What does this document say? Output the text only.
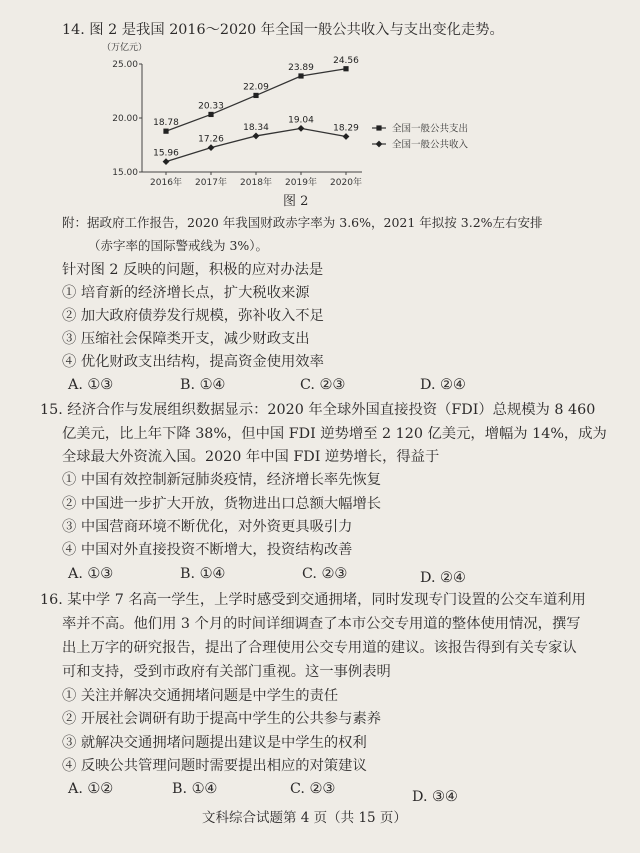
14. 图 2 是我国 2016～2020 年全国一般公共收入与支出变化走势。
（万亿元）
25.00
20.00
15.00
2016年 2017年 2018年 2019年 2020年
18.78
20.33
22.09
23.89
24.56
15.96
17.26
18.34
19.04
18.29	全国一般公共支出
全国一般公共收入
图 2
附：据政府工作报告，2020 年我国财政赤字率为 3.6%，2021 年拟按 3.2%左右安排
（赤字率的国际警戒线为 3%）。
针对图 2 反映的问题，积极的应对办法是
① 培育新的经济增长点，扩大税收来源
② 加大政府债券发行规模，弥补收入不足
③ 压缩社会保障类开支，减少财政支出
④ 优化财政支出结构，提高资金使用效率
A. ①③	B. ①④	C. ②③	D. ②④
15. 经济合作与发展组织数据显示：2020 年全球外国直接投资（FDI）总规模为 8 460
亿美元，比上年下降 38%，但中国 FDI 逆势增至 2 120 亿美元，增幅为 14%，成为
全球最大外资流入国。2020 年中国 FDI 逆势增长，得益于
① 中国有效控制新冠肺炎疫情，经济增长率先恢复
② 中国进一步扩大开放，货物进出口总额大幅增长
③ 中国营商环境不断优化，对外资更具吸引力
④ 中国对外直接投资不断增大，投资结构改善
A. ①③	B. ①④	C. ②③	D. ②④
16. 某中学 7 名高一学生，上学时感受到交通拥堵，同时发现专门设置的公交车道利用
率并不高。他们用 3 个月的时间详细调查了本市公交专用道的整体使用情况，撰写
出上万字的研究报告，提出了合理使用公交专用道的建议。该报告得到有关专家认
可和支持，受到市政府有关部门重视。这一事例表明
① 关注并解决交通拥堵问题是中学生的责任
② 开展社会调研有助于提高中学生的公共参与素养
③ 就解决交通拥堵问题提出建议是中学生的权利
④ 反映公共管理问题时需要提出相应的对策建议
A. ①②	B. ①④	C. ②③	D. ③④
文科综合试题第 4 页（共 15 页）
